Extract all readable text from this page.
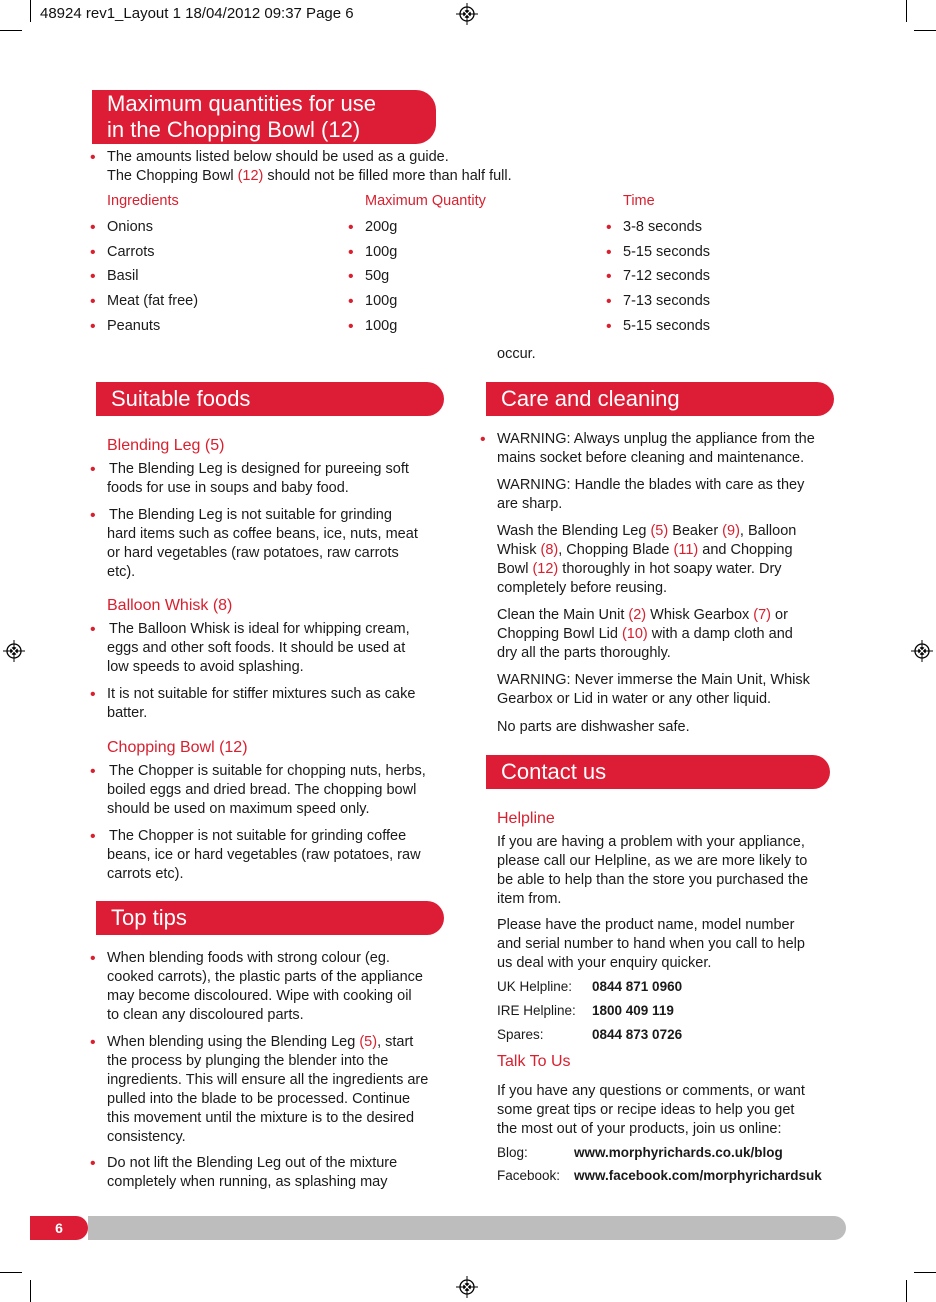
48924 rev1_Layout 1 18/04/2012 09:37 Page 6
Maximum quantities for use
in the Chopping Bowl (12)
• The amounts listed below should be used as a guide.
The Chopping Bowl (12) should not be filled more than half full.
Ingredients	Maximum Quantity	Time
• Onions	• 200g	• 3-8 seconds
• Carrots	• 100g	• 5-15 seconds
• Basil	• 50g	• 7-12 seconds
• Meat (fat free)	• 100g	• 7-13 seconds
• Peanuts	• 100g	• 5-15 seconds
occur.
Suitable foods
Blending Leg (5)
• The Blending Leg is designed for pureeing soft
foods for use in soups and baby food.
• The Blending Leg is not suitable for grinding
hard items such as coffee beans, ice, nuts, meat
or hard vegetables (raw potatoes, raw carrots
etc).
Balloon Whisk (8)
• The Balloon Whisk is ideal for whipping cream,
eggs and other soft foods. It should be used at
low speeds to avoid splashing.
• It is not suitable for stiffer mixtures such as cake
batter.
Chopping Bowl (12)
• The Chopper is suitable for chopping nuts, herbs,
boiled eggs and dried bread. The chopping bowl
should be used on maximum speed only.
• The Chopper is not suitable for grinding coffee
beans, ice or hard vegetables (raw potatoes, raw
carrots etc).
Top tips
• When blending foods with strong colour (eg.
cooked carrots), the plastic parts of the appliance
may become discoloured. Wipe with cooking oil
to clean any discoloured parts.
• When blending using the Blending Leg (5), start
the process by plunging the blender into the
ingredients. This will ensure all the ingredients are
pulled into the blade to be processed. Continue
this movement until the mixture is to the desired
consistency.
• Do not lift the Blending Leg out of the mixture
completely when running, as splashing may
Care and cleaning
• WARNING: Always unplug the appliance from the
mains socket before cleaning and maintenance.
WARNING: Handle the blades with care as they
are sharp.
Wash the Blending Leg (5) Beaker (9), Balloon
Whisk (8), Chopping Blade (11) and Chopping
Bowl (12) thoroughly in hot soapy water. Dry
completely before reusing.
Clean the Main Unit (2) Whisk Gearbox (7) or
Chopping Bowl Lid (10) with a damp cloth and
dry all the parts thoroughly.
WARNING: Never immerse the Main Unit, Whisk
Gearbox or Lid in water or any other liquid.
No parts are dishwasher safe.
Contact us
Helpline
If you are having a problem with your appliance,
please call our Helpline, as we are more likely to
be able to help than the store you purchased the
item from.
Please have the product name, model number
and serial number to hand when you call to help
us deal with your enquiry quicker.
UK Helpline: 0844 871 0960
IRE Helpline: 1800 409 119
Spares:	0844 873 0726
Talk To Us
If you have any questions or comments, or want
some great tips or recipe ideas to help you get
the most out of your products, join us online:
Blog:	www.morphyrichards.co.uk/blog
Facebook: www.facebook.com/morphyrichardsuk
6
